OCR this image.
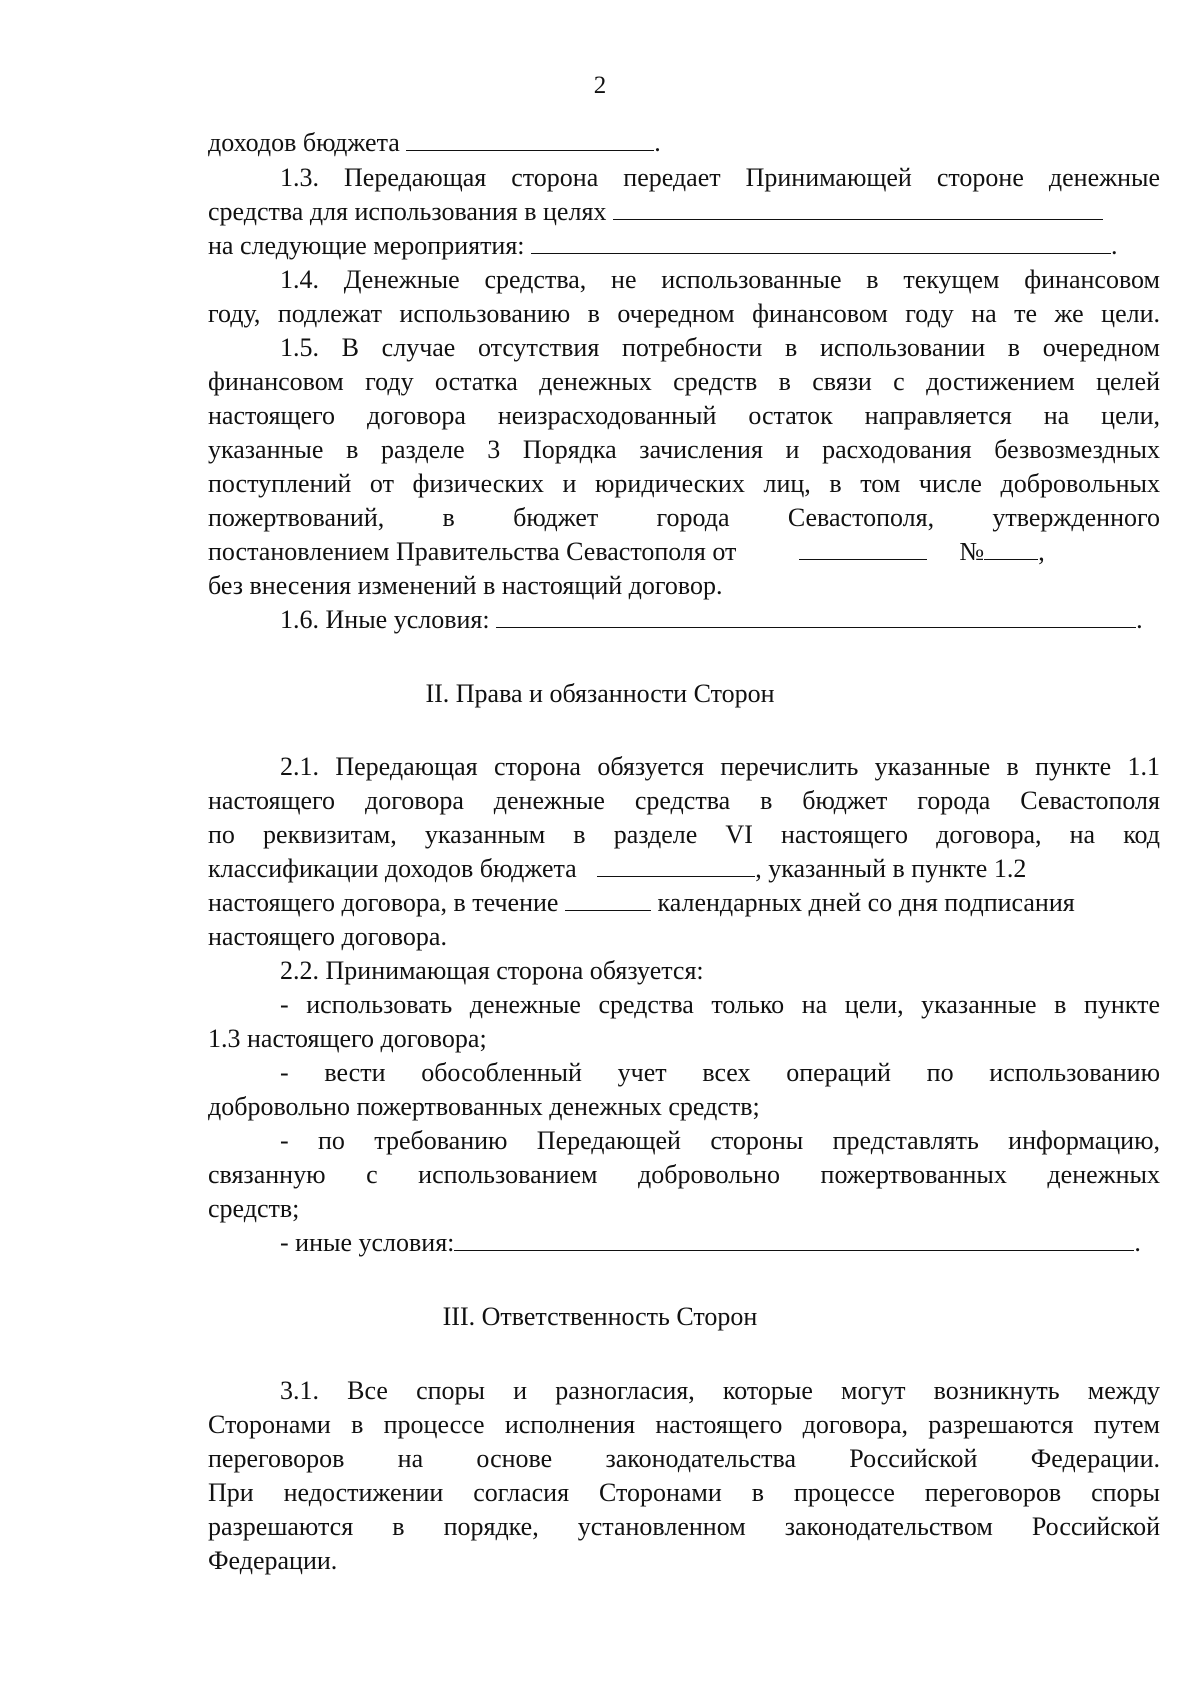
2
доходов бюджета	.
1.3. Передающая сторона передает Принимающей стороне денежные
средства для использования в целях
на следующие мероприятия:	.
1.4. Денежные средства, не использованные в текущем финансовом
году, подлежат использованию в очередном финансовом году на те же цели.
1.5. В случае отсутствия потребности в использовании в очередном
финансовом году остатка денежных средств в связи с достижением целей
настоящего договора неизрасходованный остаток направляется на цели,
указанные в разделе 3 Порядка зачисления и расходования безвозмездных
поступлений от физических и юридических лиц, в том числе добровольных
пожертвований, в бюджет города Севастополя, утвержденного
постановлением Правительства Севастополя от	№ ,
без внесения изменений в настоящий договор.
1.6. Иные условия:	.
II. Права и обязанности Сторон
2.1. Передающая сторона обязуется перечислить указанные в пункте 1.1
настоящего договора денежные средства в бюджет города Севастополя
по реквизитам, указанным в разделе VI настоящего договора, на код
классификации доходов бюджета	, указанный в пункте 1.2
настоящего договора, в течение	календарных дней со дня подписания
настоящего договора.
2.2. Принимающая сторона обязуется:
- использовать денежные средства только на цели, указанные в пункте
1.3 настоящего договора;
- вести обособленный учет всех операций по использованию
добровольно пожертвованных денежных средств;
- по требованию Передающей стороны представлять информацию,
связанную с использованием добровольно пожертвованных денежных
средств;
- иные условия:	.
III. Ответственность Сторон
3.1. Все споры и разногласия, которые могут возникнуть между
Сторонами в процессе исполнения настоящего договора, разрешаются путем
переговоров на основе законодательства Российской Федерации.
При недостижении согласия Сторонами в процессе переговоров споры
разрешаются в порядке, установленном законодательством Российской
Федерации.
